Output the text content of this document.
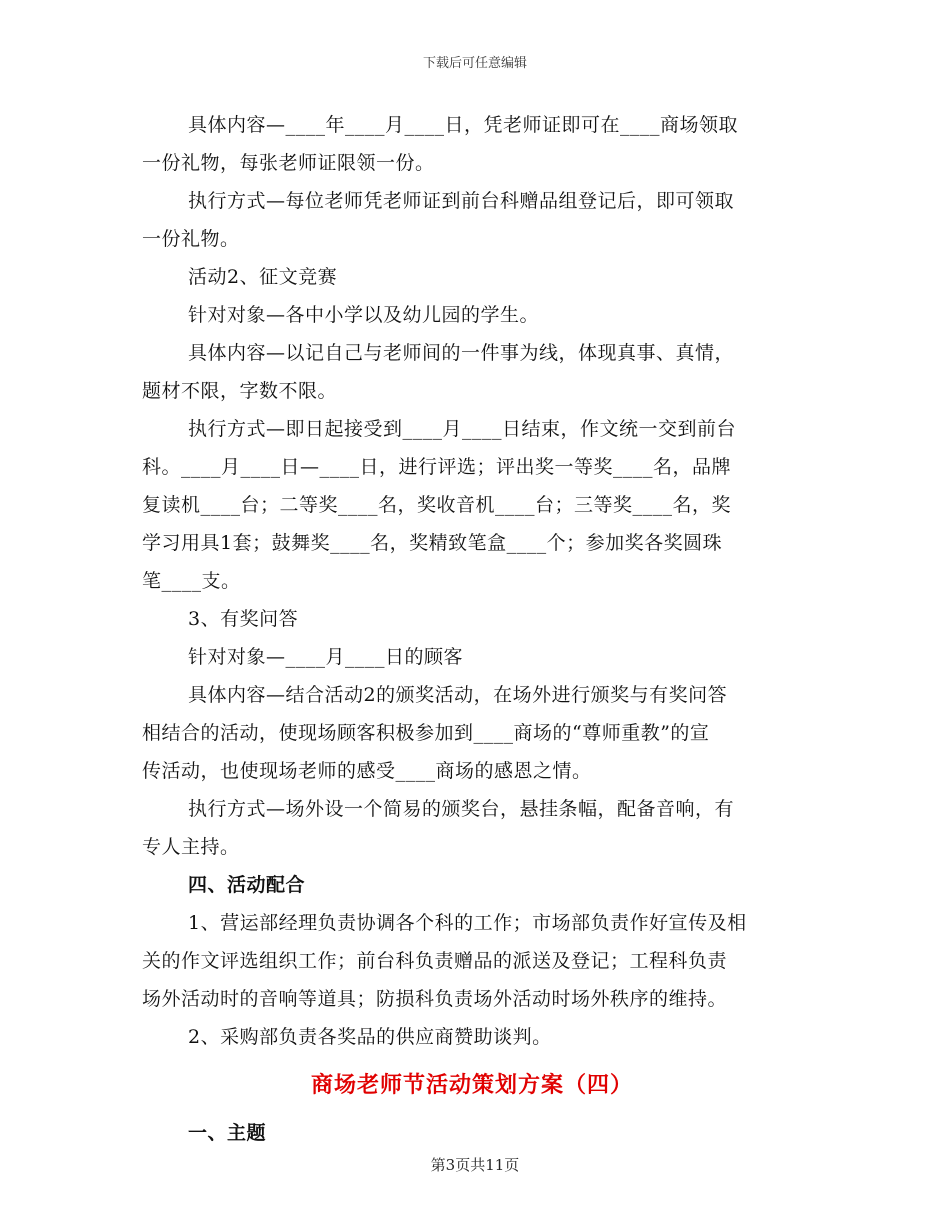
下载后可任意编辑
具体内容—____年____月____日，凭老师证即可在____商场领取
一份礼物，每张老师证限领一份。
执行方式—每位老师凭老师证到前台科赠品组登记后，即可领取
一份礼物。
活动2、征文竞赛
针对对象—各中小学以及幼儿园的学生。
具体内容—以记自己与老师间的一件事为线，体现真事、真情，
题材不限，字数不限。
执行方式—即日起接受到____月____日结束，作文统一交到前台
科。____月____日—____日，进行评选；评出奖一等奖____名，品牌
复读机____台；二等奖____名，奖收音机____台；三等奖____名，奖
学习用具1套；鼓舞奖____名，奖精致笔盒____个；参加奖各奖圆珠
笔____支。
3、有奖问答
针对对象—____月____日的顾客
具体内容—结合活动2的颁奖活动，在场外进行颁奖与有奖问答
相结合的活动，使现场顾客积极参加到____商场的“尊师重教”的宣
传活动，也使现场老师的感受____商场的感恩之情。
执行方式—场外设一个简易的颁奖台，悬挂条幅，配备音响，有
专人主持。
四、活动配合
1、营运部经理负责协调各个科的工作；市场部负责作好宣传及相
关的作文评选组织工作；前台科负责赠品的派送及登记；工程科负责
场外活动时的音响等道具；防损科负责场外活动时场外秩序的维持。
2、采购部负责各奖品的供应商赞助谈判。
商场老师节活动策划方案（四）
一、主题
第3页共11页
